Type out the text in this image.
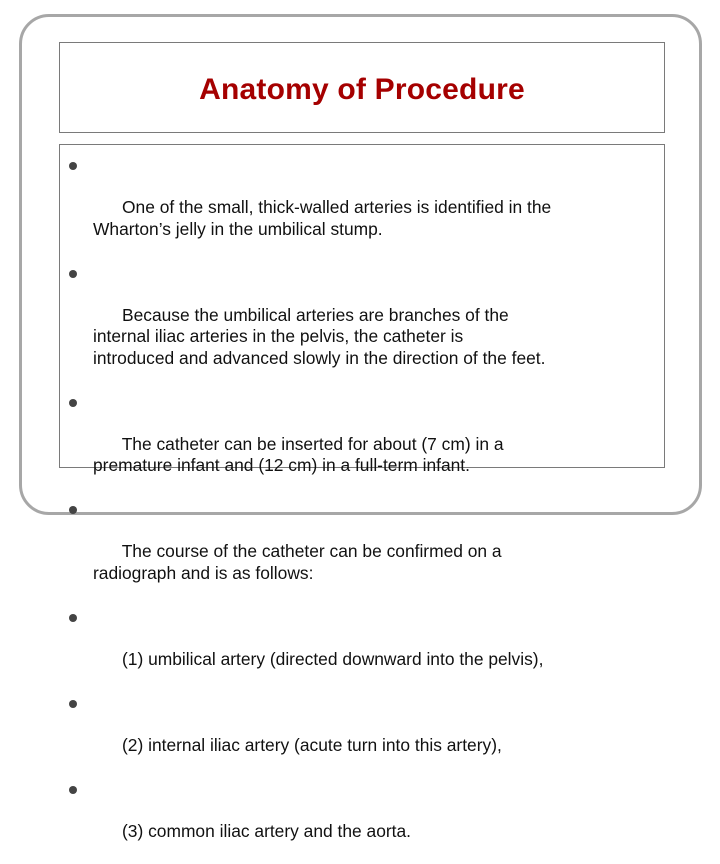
Anatomy of Procedure

One of the small, thick-walled arteries is identified in the
Wharton’s jelly in the umbilical stump.

Because the umbilical arteries are branches of the
internal iliac arteries in the pelvis, the catheter is
introduced and advanced slowly in the direction of the feet.

The catheter can be inserted for about (7 cm) in a
premature infant and (12 cm) in a full-term infant.

The course of the catheter can be confirmed on a
radiograph and is as follows:

(1) umbilical artery (directed downward into the pelvis),

(2) internal iliac artery (acute turn into this artery),

(3) common iliac artery and the aorta.
